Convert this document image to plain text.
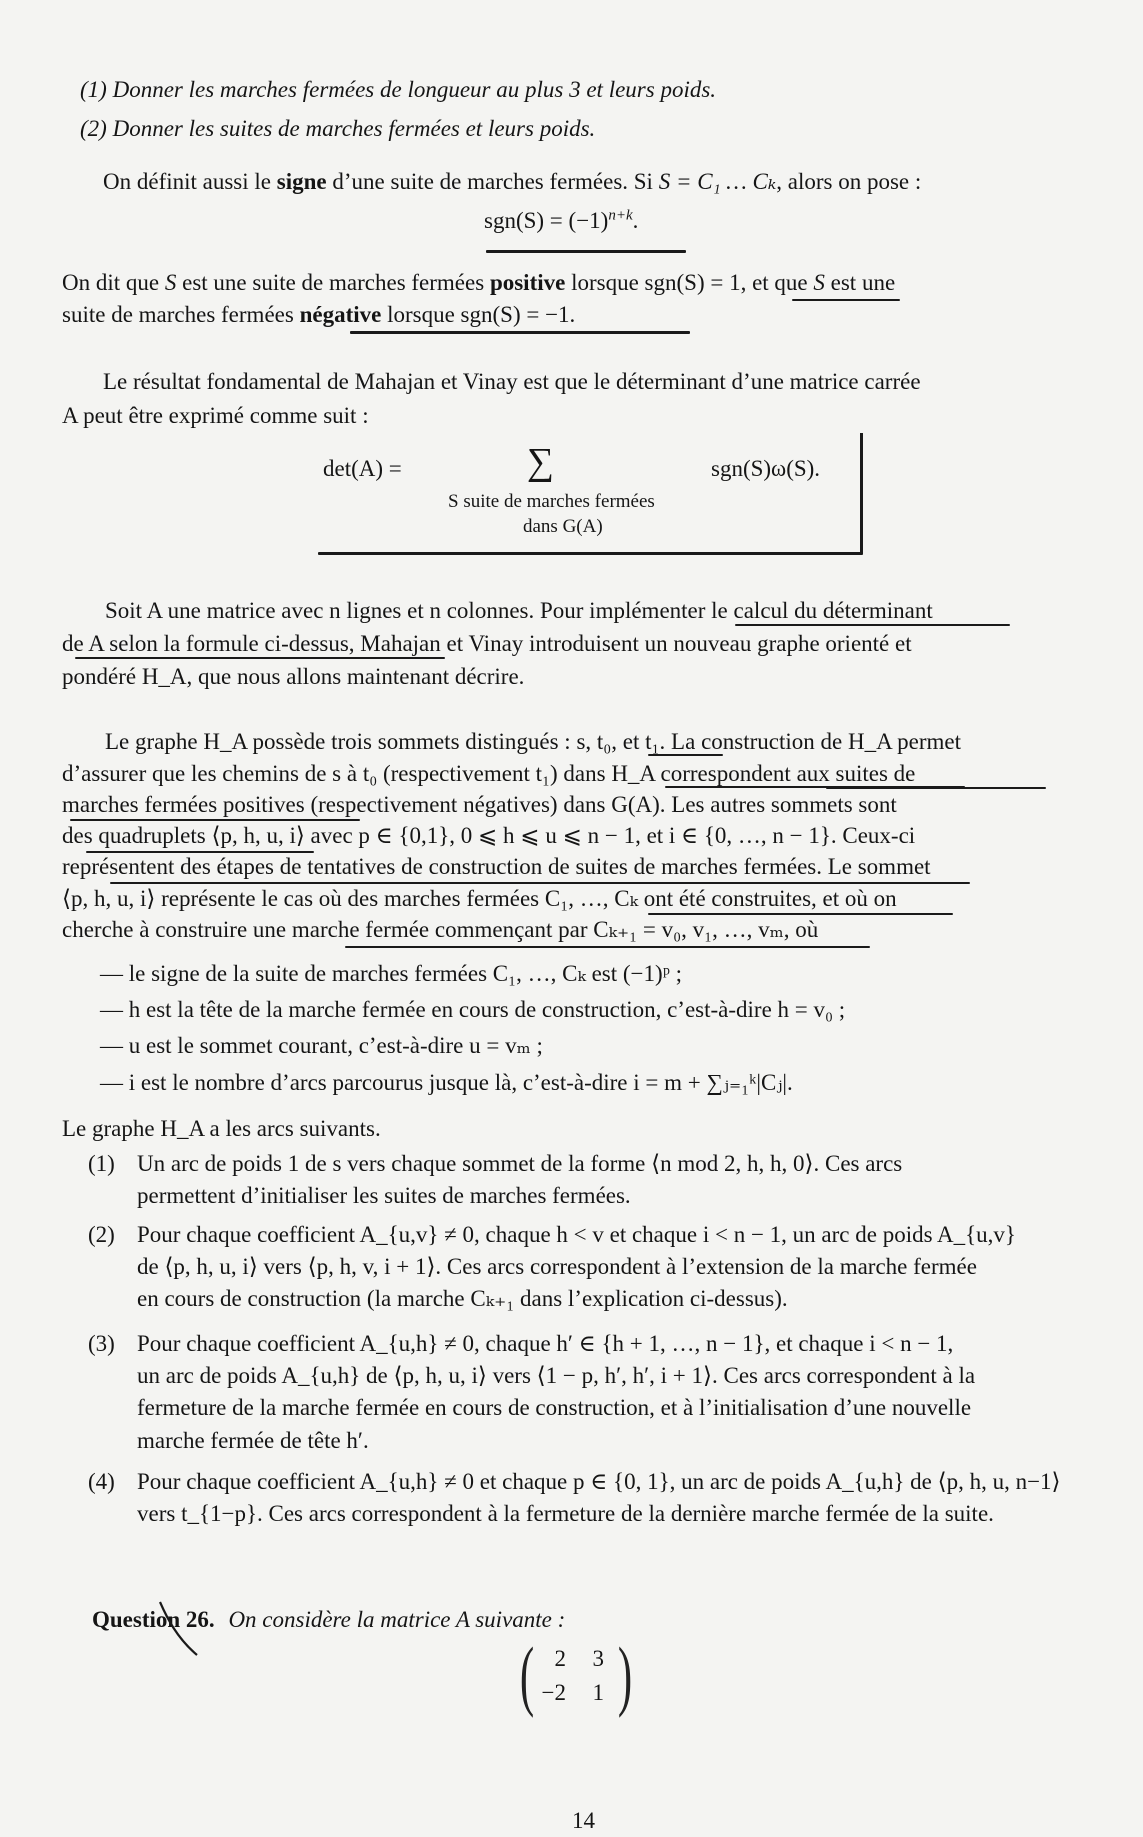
(1) Donner les marches fermées de longueur au plus 3 et leurs poids.
(2) Donner les suites de marches fermées et leurs poids.
On définit aussi le signe d’une suite de marches fermées. Si S = C₁ … Cₖ, alors on pose :
$sgn(S) = (-1)^{n+k}$.
On dit que S est une suite de marches fermées positive lorsque sgn(S) = 1, et que S est une
suite de marches fermées négative lorsque sgn(S) = −1.
Le résultat fondamental de Mahajan et Vinay est que le déterminant d’une matrice carrée
A peut être exprimé comme suit :
det(A) =	∑	sgn(S)ω(S).
S suite de marches fermées
dans G(A)
Soit A une matrice avec n lignes et n colonnes. Pour implémenter le calcul du déterminant
de A selon la formule ci-dessus, Mahajan et Vinay introduisent un nouveau graphe orienté et
pondéré H_A, que nous allons maintenant décrire.
Le graphe H_A possède trois sommets distingués : s, t₀, et t₁. La construction de H_A permet
d’assurer que les chemins de s à t₀ (respectivement t₁) dans H_A correspondent aux suites de
marches fermées positives (respectivement négatives) dans G(A). Les autres sommets sont
des quadruplets ⟨p, h, u, i⟩ avec p ∈ {0,1}, 0 ⩽ h ⩽ u ⩽ n − 1, et i ∈ {0, …, n − 1}. Ceux-ci
représentent des étapes de tentatives de construction de suites de marches fermées. Le sommet
⟨p, h, u, i⟩ représente le cas où des marches fermées C₁, …, Cₖ ont été construites, et où on
cherche à construire une marche fermée commençant par Cₖ₊₁ = v₀, v₁, …, vₘ, où
— le signe de la suite de marches fermées C₁, …, Cₖ est (−1)ᵖ ;
— h est la tête de la marche fermée en cours de construction, c’est-à-dire h = v₀ ;
— u est le sommet courant, c’est-à-dire u = vₘ ;
— i est le nombre d’arcs parcourus jusque là, c’est-à-dire i = m + ∑ⱼ₌₁ᵏ|Cⱼ|.
Le graphe H_A a les arcs suivants.
(1) Un arc de poids 1 de s vers chaque sommet de la forme ⟨n mod 2, h, h, 0⟩. Ces arcs
permettent d’initialiser les suites de marches fermées.
(2) Pour chaque coefficient A_{u,v} ≠ 0, chaque h < v et chaque i < n − 1, un arc de poids A_{u,v}
de ⟨p, h, u, i⟩ vers ⟨p, h, v, i + 1⟩. Ces arcs correspondent à l’extension de la marche fermée
en cours de construction (la marche Cₖ₊₁ dans l’explication ci-dessus).
(3) Pour chaque coefficient A_{u,h} ≠ 0, chaque h′ ∈ {h + 1, …, n − 1}, et chaque i < n − 1,
un arc de poids A_{u,h} de ⟨p, h, u, i⟩ vers ⟨1 − p, h′, h′, i + 1⟩. Ces arcs correspondent à la
fermeture de la marche fermée en cours de construction, et à l’initialisation d’une nouvelle
marche fermée de tête h′.
(4) Pour chaque coefficient A_{u,h} ≠ 0 et chaque p ∈ {0, 1}, un arc de poids A_{u,h} de ⟨p, h, u, n−1⟩
vers t_{1−p}. Ces arcs correspondent à la fermeture de la dernière marche fermée de la suite.
Question 26. On considère la matrice A suivante :
( )
2	3
−2	1
14
